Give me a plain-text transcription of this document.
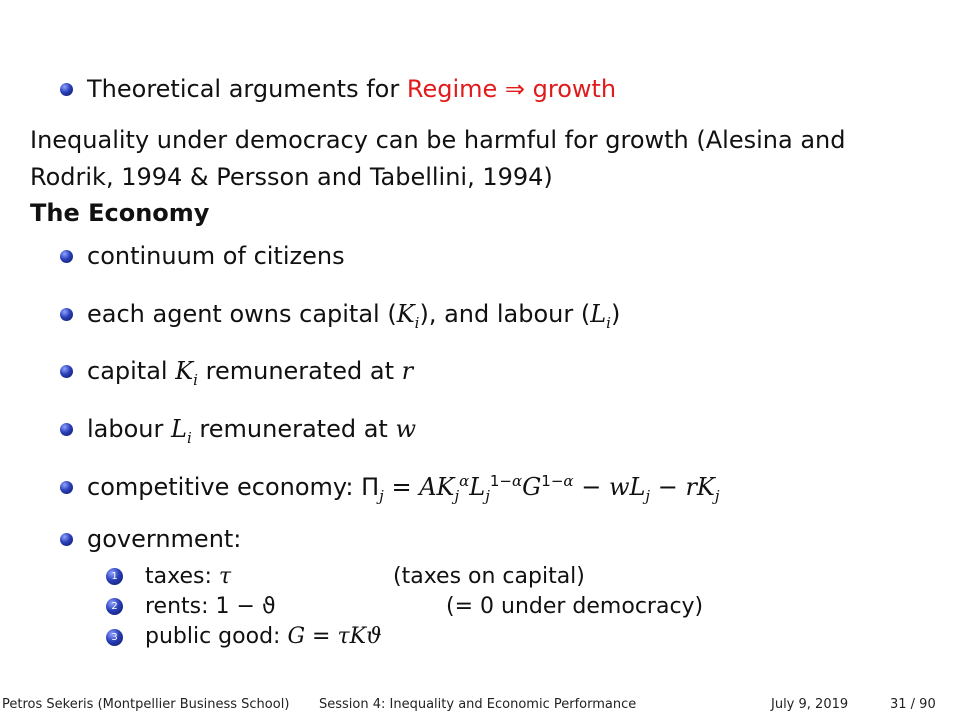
Theoretical arguments for Regime ⇒ growth
Inequality under democracy can be harmful for growth (Alesina and
Rodrik, 1994 & Persson and Tabellini, 1994)
The Economy
continuum of citizens
each agent owns capital $(K_i)$, and labour $(L_i)$
capital $K_i$ remunerated at r
labour $L_i$ remunerated at w
competitive economy: $\Pi_j = AK_j^\alpha L_j^{1-\alpha}G^{1-\alpha} - wL_j - rK_j$
government:
1 taxes: τ	(taxes on capital)
2 rents: 1 − ϑ	(= 0 under democracy)
3 public good: G = τKϑ
Petros Sekeris (Montpellier Business School) Session 4: Inequality and Economic Performance	July 9, 2019	31 / 90
